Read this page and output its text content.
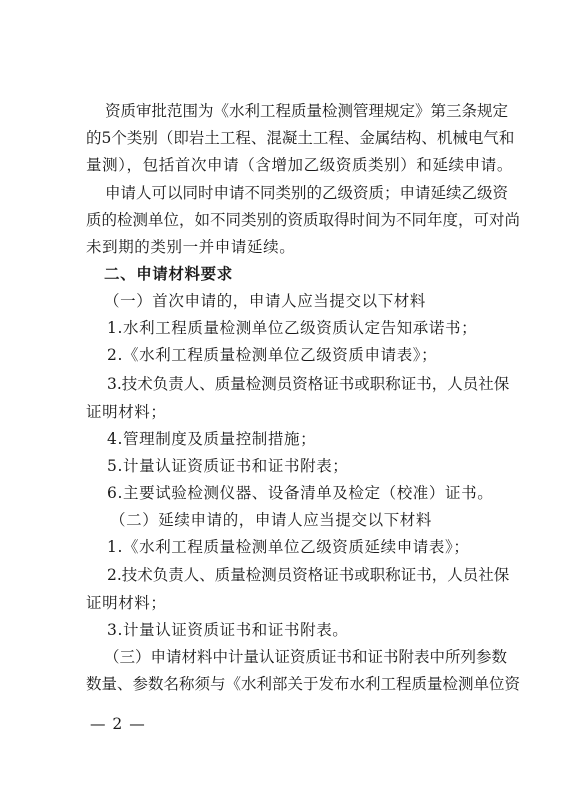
资质审批范围为《水利工程质量检测管理规定》第三条规定
的5个类别（即岩土工程、混凝土工程、金属结构、机械电气和
量测），包括首次申请（含增加乙级资质类别）和延续申请。
申请人可以同时申请不同类别的乙级资质；申请延续乙级资
质的检测单位，如不同类别的资质取得时间为不同年度，可对尚
未到期的类别一并申请延续。
二、申请材料要求
（一）首次申请的，申请人应当提交以下材料
1.水利工程质量检测单位乙级资质认定告知承诺书；
2.《水利工程质量检测单位乙级资质申请表》；
3.技术负责人、质量检测员资格证书或职称证书，人员社保
证明材料；
4.管理制度及质量控制措施；
5.计量认证资质证书和证书附表；
6.主要试验检测仪器、设备清单及检定（校准）证书。
（二）延续申请的，申请人应当提交以下材料
1.《水利工程质量检测单位乙级资质延续申请表》；
2.技术负责人、质量检测员资格证书或职称证书，人员社保
证明材料；
3.计量认证资质证书和证书附表。
（三）申请材料中计量认证资质证书和证书附表中所列参数
数量、参数名称须与《水利部关于发布水利工程质量检测单位资
— 2 —
